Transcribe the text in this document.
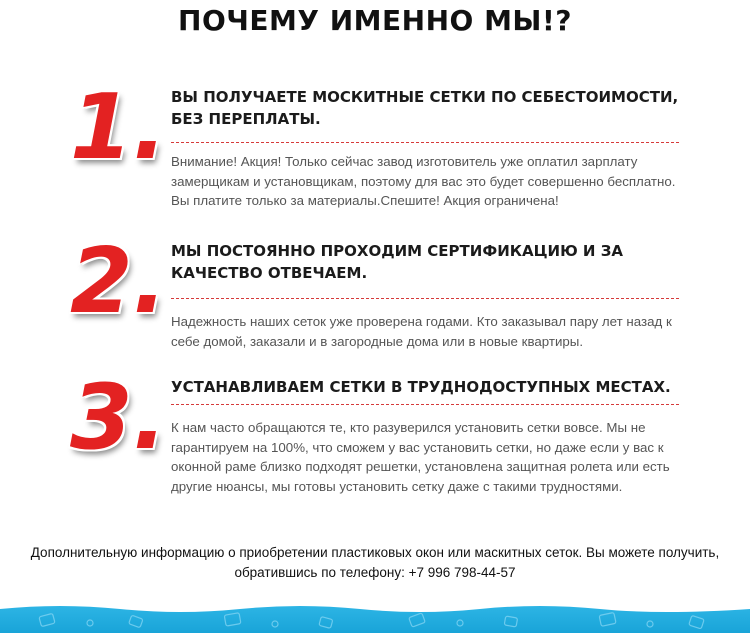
ПОЧЕМУ ИМЕННО МЫ!?
1. ВЫ ПОЛУЧАЕТЕ МОСКИТНЫЕ СЕТКИ ПО СЕБЕСТОИМОСТИ, БЕЗ ПЕРЕПЛАТЫ.
Внимание! Акция! Только сейчас завод изготовитель уже оплатил зарплату замерщикам и установщикам, поэтому для вас это будет совершенно бесплатно. Вы платите только за материалы.Спешите! Акция ограничена!
2. МЫ ПОСТОЯННО ПРОХОДИМ СЕРТИФИКАЦИЮ И ЗА КАЧЕСТВО ОТВЕЧАЕМ.
Надежность наших сеток уже проверена годами. Кто заказывал пару лет назад к себе домой, заказали и в загородные дома или в новые квартиры.
3. УСТАНАВЛИВАЕМ СЕТКИ В ТРУДНОДОСТУПНЫХ МЕСТАХ.
К нам часто обращаются те, кто разуверился установить сетки вовсе. Мы не гарантируем на 100%, что сможем у вас установить сетки, но даже если у вас к оконной раме близко подходят решетки, установлена защитная ролета или есть другие нюансы, мы готовы установить сетку даже с такими трудностями.
Дополнительную информацию о приобретении пластиковых окон или маскитных сеток. Вы можете получить,
обратившись по телефону: +7 996 798-44-57
